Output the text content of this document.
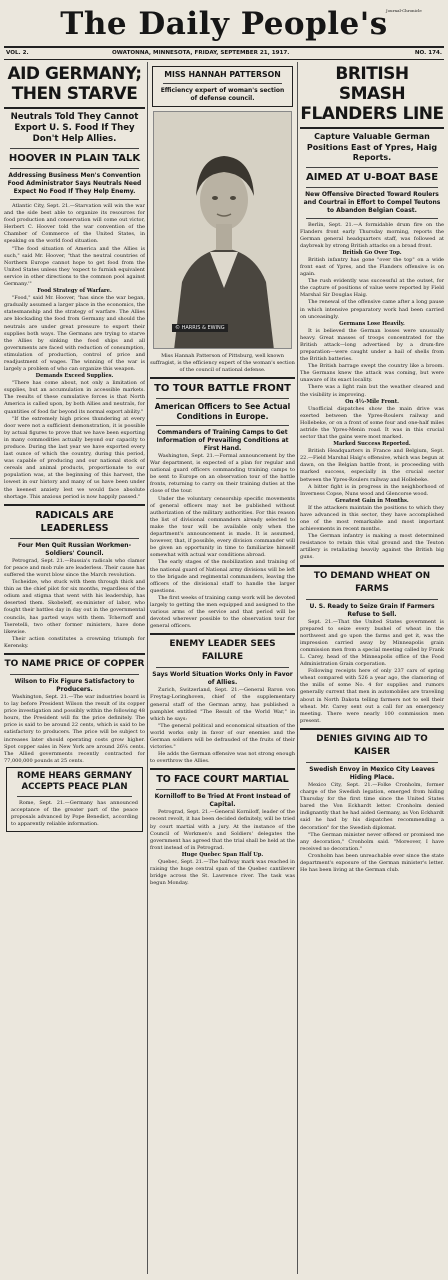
The Daily People's
Journal-Chronicle
VOL. 2.	OWATONNA, MINNESOTA, FRIDAY, SEPTEMBER 21, 1917.	NO. 174.
AID GERMANY; THEN STARVE
Neutrals Told They Cannot Export U. S. Food If They Don't Help Allies.
HOOVER IN PLAIN TALK
Addressing Business Men's Convention Food Administrator Says Neutrals Need Expect No Food If They Help Enemy.

Atlantic City, Sept. 21.—Starvation will win the war and the side best able to organize its resources for food production and conservation will come out victor, Herbert C. Hoover told the war convention of the Chamber of Commerce of the United States, in speaking on the world food situation.

"The food situation of America and the Allies is such," said Mr. Hoover, "that the neutral countries of Northern Europe cannot hope to get food from the United States unless they 'expect to furnish equivalent service in other directions to the common pool against Germany.'"

Food Strategy of Warfare.

"Food," said Mr. Hoover, "has since the war began, gradually assumed a larger place in the economics, the statesmanship and the strategy of warfare. The Allies are blockading the food from Germany and should the neutrals are under great pressure to export their supplies both ways. The Germans are trying to starve the Allies by sinking the food ships and all governments are faced with reduction of consumption, stimulation of production, control of price and readjustment of wages. The winning of the war is largely a problem of who can organize this weapon.

Demands Exceed Supplies.

"There has come about, not only a limitation of supplies, but an accumulation in accessible markets. The results of these cumulative forces is that North America is called upon, by both Allies and neutrals, for quantities of food far beyond its normal export ability."

"If the extremely high prices thundering at every door were not a sufficient demonstration, it is possible by actual figures to prove that we have been exporting in many commodities actually beyond our capacity to produce. During the last year we have exported every last ounce of which the country, during this period, was capable of producing and our national stock of cereals and animal products, proportionate to our population was, at the beginning of this harvest, the lowest in our history and many of us have been under the keenest anxiety lest we would face absolute shortage. This anxious period is now happily passed."

RADICALS ARE LEADERLESS
Four Men Quit Russian Workmen-Soldiers' Council.

Petrograd, Sept. 21.—Russia's radicals who clamor for peace and mob rule are leaderless. Their cause has suffered the worst blow since the March revolution.

Tscheidze, who stuck with them through thick and thin as the chief pilot for six months, regardless of the odium and stigma that went with his leadership, has deserted them. Skobeleff, ex-minister of labor, who fought their battles day in day out in the governmental councils, has parted ways with them. Tchernoff and Tseretelli, two other former ministers, have done likewise.

Their action constitutes a crowning triumph for Kerensky.

TO NAME PRICE OF COPPER
Wilson to Fix Figure Satisfactory to Producers.

Washington, Sept. 21.—The war industries board is to lay before President Wilson the result of its copper price investigation and possibly within the following 48 hours, the President will fix the price definitely. The price is said to be around 22 cents, which is said to be satisfactory to producers. The price will be subject to increases later should operating costs grow higher. Spot copper sales in New York are around 26¼ cents. The Allied governments recently contracted for 77,000,000 pounds at 25 cents.

ROME HEARS GERMANY ACCEPTS PEACE PLAN

Rome, Sept. 21.—Germany has announced acceptance of the greater part of the peace proposals advanced by Pope Benedict, according to apparently reliable information.

MISS HANNAH PATTERSON
Efficiency expert of woman's section of defense council.
© HARRIS & EWING
Miss Hannah Patterson of Pittsburg, well known suffragist, is the efficiency expert of the woman's section of the council of national defense.
TO TOUR BATTLE FRONT
American Officers to See Actual Conditions in Europe.
Commanders of Training Camps to Get Information of Prevailing Conditions at First Hand.

Washington, Sept. 21.—Formal announcement by the War department, is expected of a plan for regular and national guard officers commanding training camps to be sent to Europe on an observation tour of the battle fronts, returning to carry on their training duties at the close of the tour.

Under the voluntary censorship specific movements of general officers may not be published without authorization of the military authorities. For this reason the list of divisional commanders already selected to make the tour will be available only when the department's announcement is made. It is assumed, however, that, if possible, every division commander will be given an opportunity in time to familiarize himself somewhat with actual war conditions abroad.

The early stages of the mobilization and training of the national guard of National army divisions will be left to the brigade and regimental commanders, leaving the officers of the divisional staff to handle the larger questions.

The first weeks of training camp work will be devoted largely to getting the men equipped and assigned to the various arms of the service and that period will be devoted wherever possible to the observation tour for general officers.

ENEMY LEADER SEES FAILURE
Says World Situation Works Only in Favor of Allies.

Zurich, Switzerland, Sept. 21.—General Baron von Freytag-Loringhoven, chief of the supplementary general staff of the German army, has published a pamphlet entitled "The Result of the World War," in which he says:

"The general political and economical situation of the world works only in favor of our enemies and the German soldiers will be defrauded of the fruits of their victories."

He adds the German offensive was not strong enough to overthrow the Allies.

TO FACE COURT MARTIAL
Kornilloff to Be Tried At Front Instead of Capital.

Petrograd, Sept. 21.—General Korniloff, leader of the recent revolt, it has been decided definitely, will be tried by court martial with a jury. At the instance of the Council of Workmen's and Soldiers' delegates the government has agreed that the trial shall be held at the front instead of in Petrograd.

Huge Quebec Span Half Up.

Quebec, Sept. 21.—The halfway mark was reached in raising the huge central span of the Quebec cantilever bridge across the St. Lawrence river. The task was begun Monday.

BRITISH SMASH FLANDERS LINE
Capture Valuable German Positions East of Ypres, Haig Reports.
AIMED AT U-BOAT BASE
New Offensive Directed Toward Roulers and Courtrai in Effort to Compel Teutons to Abandon Belgian Coast.

Berlin, Sept. 21.—A formidable drum fire on the Flanders front early Thursday morning, reports the German general headquarters staff, was followed at daybreak by strong British attacks on a broad front.

British Go Over Top.

British infantry has gone "over the top" on a wide front east of Ypres, and the Flanders offensive is on again.

The rush evidently was successful at the outset, for the capture of positions of value were reported by Field Marshal Sir Douglas Haig.

The renewal of the offensive came after a long pause in which intensive preparatory work had been carried on unceasingly.

Germans Lose Heavily.

It is believed the German losses were unusually heavy. Great masses of troops concentrated for the British attack—long advertised by a drum-fire preparation—were caught under a hail of shells from the British batteries.

The British barrage swept the country like a broom. The Germans knew the attack was coming, but were unaware of its exact locality.

There was a light rain but the weather cleared and the visibility is improving.

On 4½-Mile Front.

Unofficial dispatches show the main drive was exerted between the Ypres-Roulers railway and Hollebeke, or on a front of some four and one-half miles astride the Ypres-Menin road. It was in this crucial sector that the gains were most marked.

Marked Success Reported.

British Headquarters in France and Belgium, Sept. 22.—Field Marshal Haig's offensive, which was begun at dawn, on the Belgian battle front, is proceeding with marked success, especially in the crucial sector between the Ypres-Roulers railway and Hollebeke.

A bitter fight is in progress in the neighborhood of Inverness Copse, Nuns wood and Glencorse wood.

Greatest Gain in Months.

If the attackers maintain the positions to which they have advanced in this sector, they have accomplished one of the most remarkable and most important achievements in recent months.

The German infantry is making a most determined resistance to retain this vital ground and the Teuton artillery is retaliating heavily against the British big guns.

TO DEMAND WHEAT ON FARMS
U. S. Ready to Seize Grain If Farmers Refuse to Sell.

Sept. 21.—That the United States government is prepared to seize every bushel of wheat in the northwest and go upon the farms and get it, was the impression carried away by Minneapolis grain commission men from a special meeting called by Frank L. Carey, head of the Minneapolis office of the Food Administration Grain corporation.

Following receipts here of only 237 cars of spring wheat compared with 526 a year ago, the clamoring of the mills of some No. 4 for supplies and rumors generally current that men in automobiles are traveling about in North Dakota telling farmers not to sell their wheat. Mr. Carey sent out a call for an emergency meeting. There were nearly 100 commission men present.

DENIES GIVING AID TO KAISER
Swedish Envoy in Mexico City Leaves Hiding Place.

Mexico City, Sept. 21.—Folke Cronholm, former charge of the Swedish legation, emerged from hiding Thursday for the first time since the United States bared the Von Eckhardt letter. Cronholm denied indignantly that he had aided Germany, as Von Eckhardt said he had by his dispatches recommending a decoration" for the Swedish diplomat.

"The German minister never offered or promised me any decoration," Cronholm said. "Moreover, I have received no decoration."

Cronholm has been unreachable ever since the state department's exposure of the German minister's letter. He has been living at the German club.
